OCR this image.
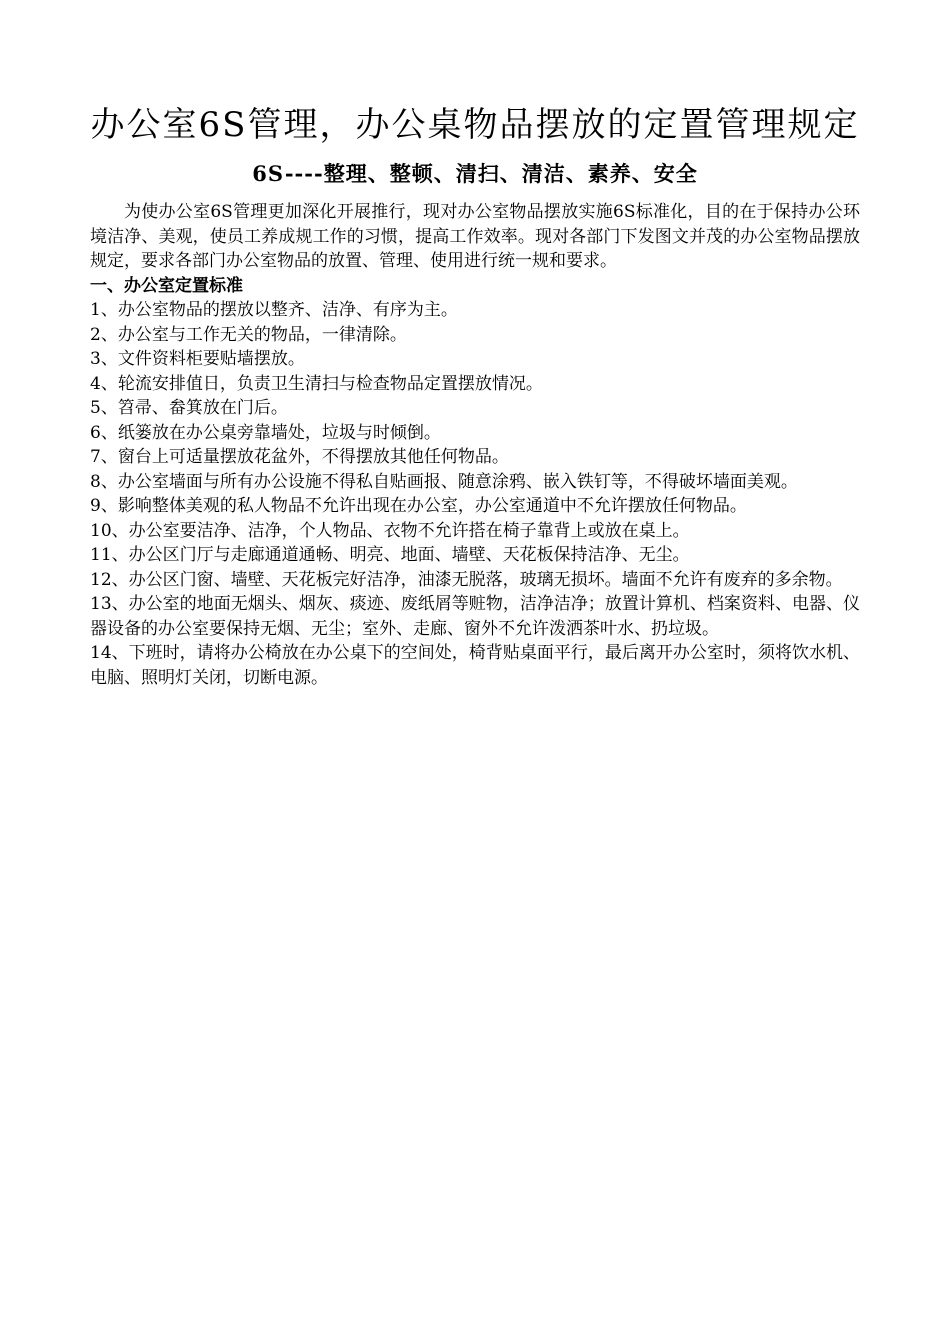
办公室6S管理，办公桌物品摆放的定置管理规定
6S----整理、整顿、清扫、清洁、素养、安全

为使办公室6S管理更加深化开展推行，现对办公室物品摆放实施6S标准化，目的在于保持办公环境洁净、美观，使员工养成规工作的习惯，提高工作效率。现对各部门下发图文并茂的办公室物品摆放规定，要求各部门办公室物品的放置、管理、使用进行统一规和要求。

一、办公室定置标准

1、办公室物品的摆放以整齐、洁净、有序为主。

2、办公室与工作无关的物品，一律清除。

3、文件资料柜要贴墙摆放。

4、轮流安排值日，负责卫生清扫与检查物品定置摆放情况。

5、笤帚、畚箕放在门后。

6、纸篓放在办公桌旁靠墙处，垃圾与时倾倒。

7、窗台上可适量摆放花盆外，不得摆放其他任何物品。

8、办公室墙面与所有办公设施不得私自贴画报、随意涂鸦、嵌入铁钉等，不得破坏墙面美观。

9、影响整体美观的私人物品不允许出现在办公室，办公室通道中不允许摆放任何物品。

10、办公室要洁净、洁净，个人物品、衣物不允许搭在椅子靠背上或放在桌上。

11、办公区门厅与走廊通道通畅、明亮、地面、墙壁、天花板保持洁净、无尘。

12、办公区门窗、墙壁、天花板完好洁净，油漆无脱落，玻璃无损坏。墙面不允许有废弃的多余物。

13、办公室的地面无烟头、烟灰、痰迹、废纸屑等赃物，洁净洁净；放置计算机、档案资料、电器、仪器设备的办公室要保持无烟、无尘；室外、走廊、窗外不允许泼洒茶叶水、扔垃圾。

14、下班时，请将办公椅放在办公桌下的空间处，椅背贴桌面平行，最后离开办公室时，须将饮水机、电脑、照明灯关闭，切断电源。
